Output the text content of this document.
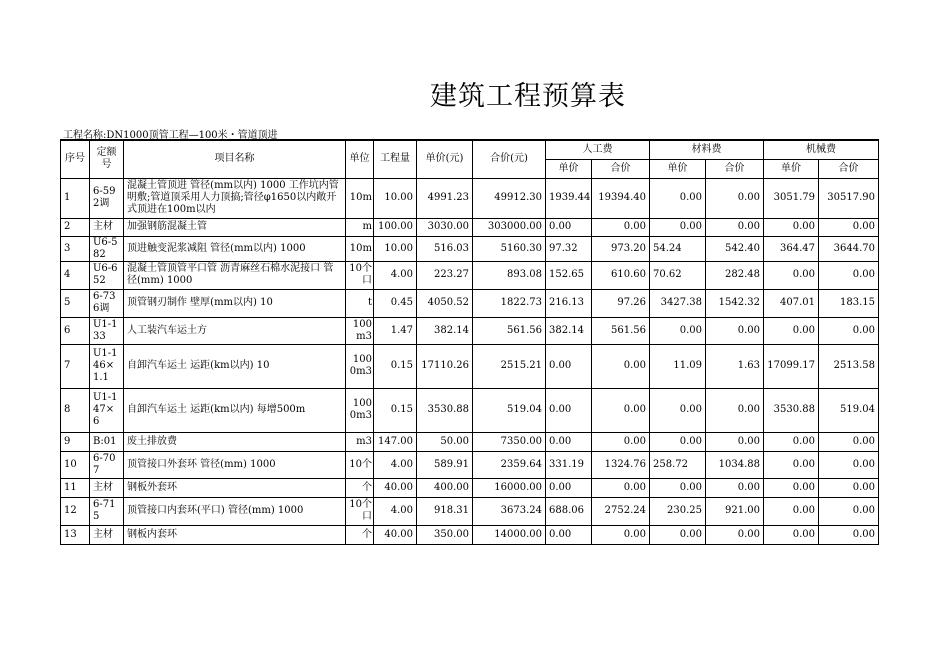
建筑工程预算表
工程名称:DN1000顶管工程—100米・管道顶进
序号	定额号	项目名称	单位	工程量	单价(元)	合价(元)	人工费		材料费		机械费	
							单价	合价	单价	合价	单价	合价
1	6-592调	混凝土管顶进 管径(mm以内) 1000 工作坑内管明敷;管道顶采用人力顶搞;管径φ1650以内敞开式顶进在100m以内	10m	10.00	4991.23	49912.30	1939.44	19394.40	0.00	0.00	3051.79	30517.90
2	主材	加强钢筋混凝土管	m	100.00	3030.00	303000.00	0.00	0.00	0.00	0.00	0.00	0.00
3	U6-582	顶进触变泥浆减阻 管径(mm以内) 1000	10m	10.00	516.03	5160.30	97.32	973.20	54.24	542.40	364.47	3644.70
4	U6-652	混凝土管顶管平口管 沥青麻丝石棉水泥接口 管径(mm) 1000	10个口	4.00	223.27	893.08	152.65	610.60	70.62	282.48	0.00	0.00
5	6-736调	顶管钢刃制作 壁厚(mm以内) 10	t	0.45	4050.52	1822.73	216.13	97.26	3427.38	1542.32	407.01	183.15
6	U1-133	人工装汽车运土方	100m3	1.47	382.14	561.56	382.14	561.56	0.00	0.00	0.00	0.00
7	U1-146×1.1	自卸汽车运土 运距(km以内) 10	1000m3	0.15	17110.26	2515.21	0.00	0.00	11.09	1.63	17099.17	2513.58
8	U1-147×6	自卸汽车运土 运距(km以内) 每增500m	1000m3	0.15	3530.88	519.04	0.00	0.00	0.00	0.00	3530.88	519.04
9	B:01	废土排放费	m3	147.00	50.00	7350.00	0.00	0.00	0.00	0.00	0.00	0.00
10	6-707	顶管接口外套环 管径(mm) 1000	10个	4.00	589.91	2359.64	331.19	1324.76	258.72	1034.88	0.00	0.00
11	主材	钢板外套环	个	40.00	400.00	16000.00	0.00	0.00	0.00	0.00	0.00	0.00
12	6-715	顶管接口内套环(平口) 管径(mm) 1000	10个口	4.00	918.31	3673.24	688.06	2752.24	230.25	921.00	0.00	0.00
13	主材	钢板内套环	个	40.00	350.00	14000.00	0.00	0.00	0.00	0.00	0.00	0.00
